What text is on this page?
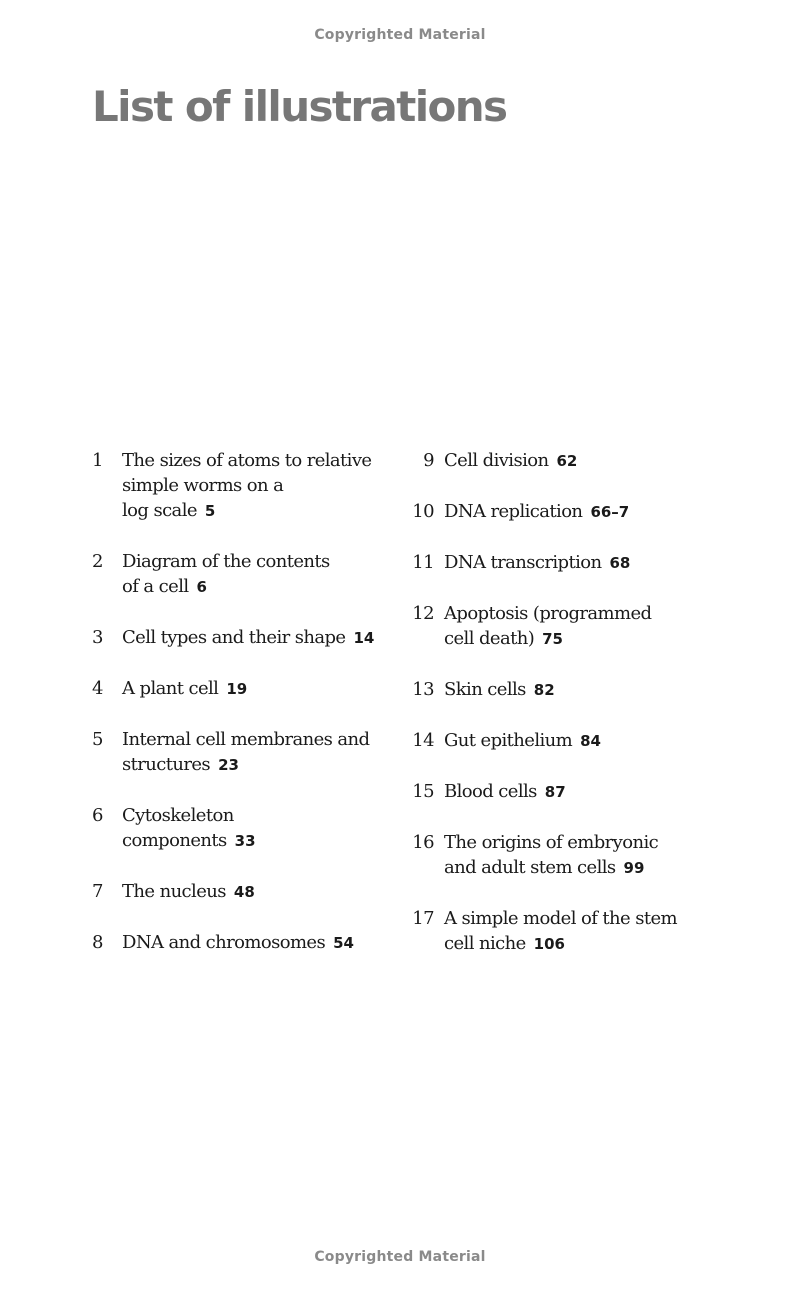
Copyrighted Material
List of illustrations
1	The sizes of atoms to relative
simple worms on a
log scale 5
2	Diagram of the contents
of a cell 6
3	Cell types and their shape 14
4	A plant cell 19
5	Internal cell membranes and
structures 23
6	Cytoskeleton
components 33
7	The nucleus 48
8	DNA and chromosomes 54
9 Cell division 62
10 DNA replication 66–7
11 DNA transcription 68
12 Apoptosis (programmed
cell death) 75
13 Skin cells 82
14 Gut epithelium 84
15 Blood cells 87
16 The origins of embryonic
and adult stem cells 99
17 A simple model of the stem
cell niche 106
Copyrighted Material
